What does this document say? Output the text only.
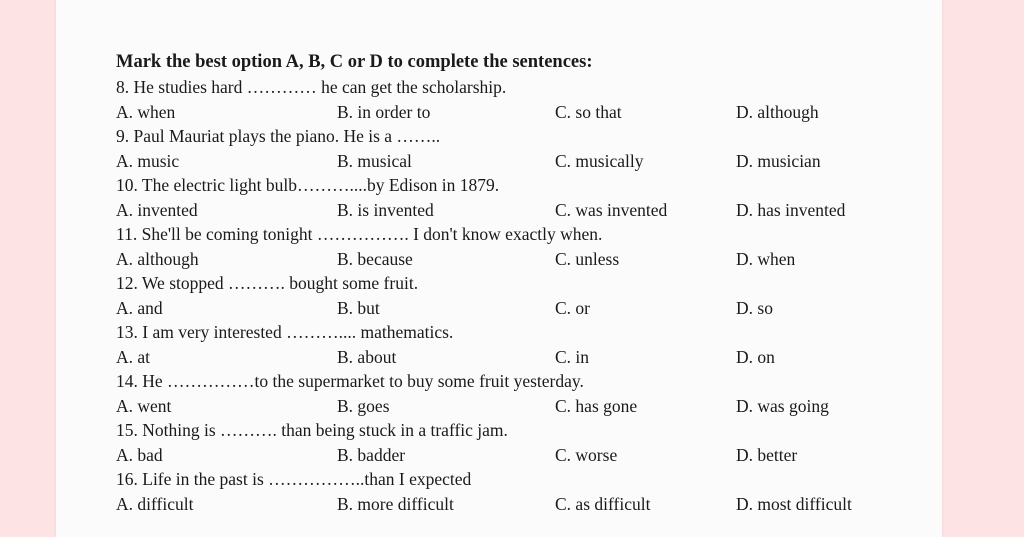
Mark the best option A, B, C or D to complete the sentences:
8. He studies hard ………… he can get the scholarship.
A. when	B. in order to	C. so that	D. although
9. Paul Mauriat plays the piano. He is a ……..
A. music	B. musical	C. musically	D. musician
10. The electric light bulb………....by Edison in 1879.
A. invented	B. is invented	C. was invented	D. has invented
11. She'll be coming tonight ……………. I don't know exactly when.
A. although	B. because	C. unless	D. when
12. We stopped ………. bought some fruit.
A. and	B. but	C. or	D. so
13. I am very interested ……….... mathematics.
A. at	B. about	C. in	D. on
14. He ……………to the supermarket to buy some fruit yesterday.
A. went	B. goes	C. has gone	D. was going
15. Nothing is ………. than being stuck in a traffic jam.
A. bad	B. badder	C. worse	D. better
16. Life in the past is ……………..than I expected
A. difficult	B. more difficult	C. as difficult	D. most difficult
